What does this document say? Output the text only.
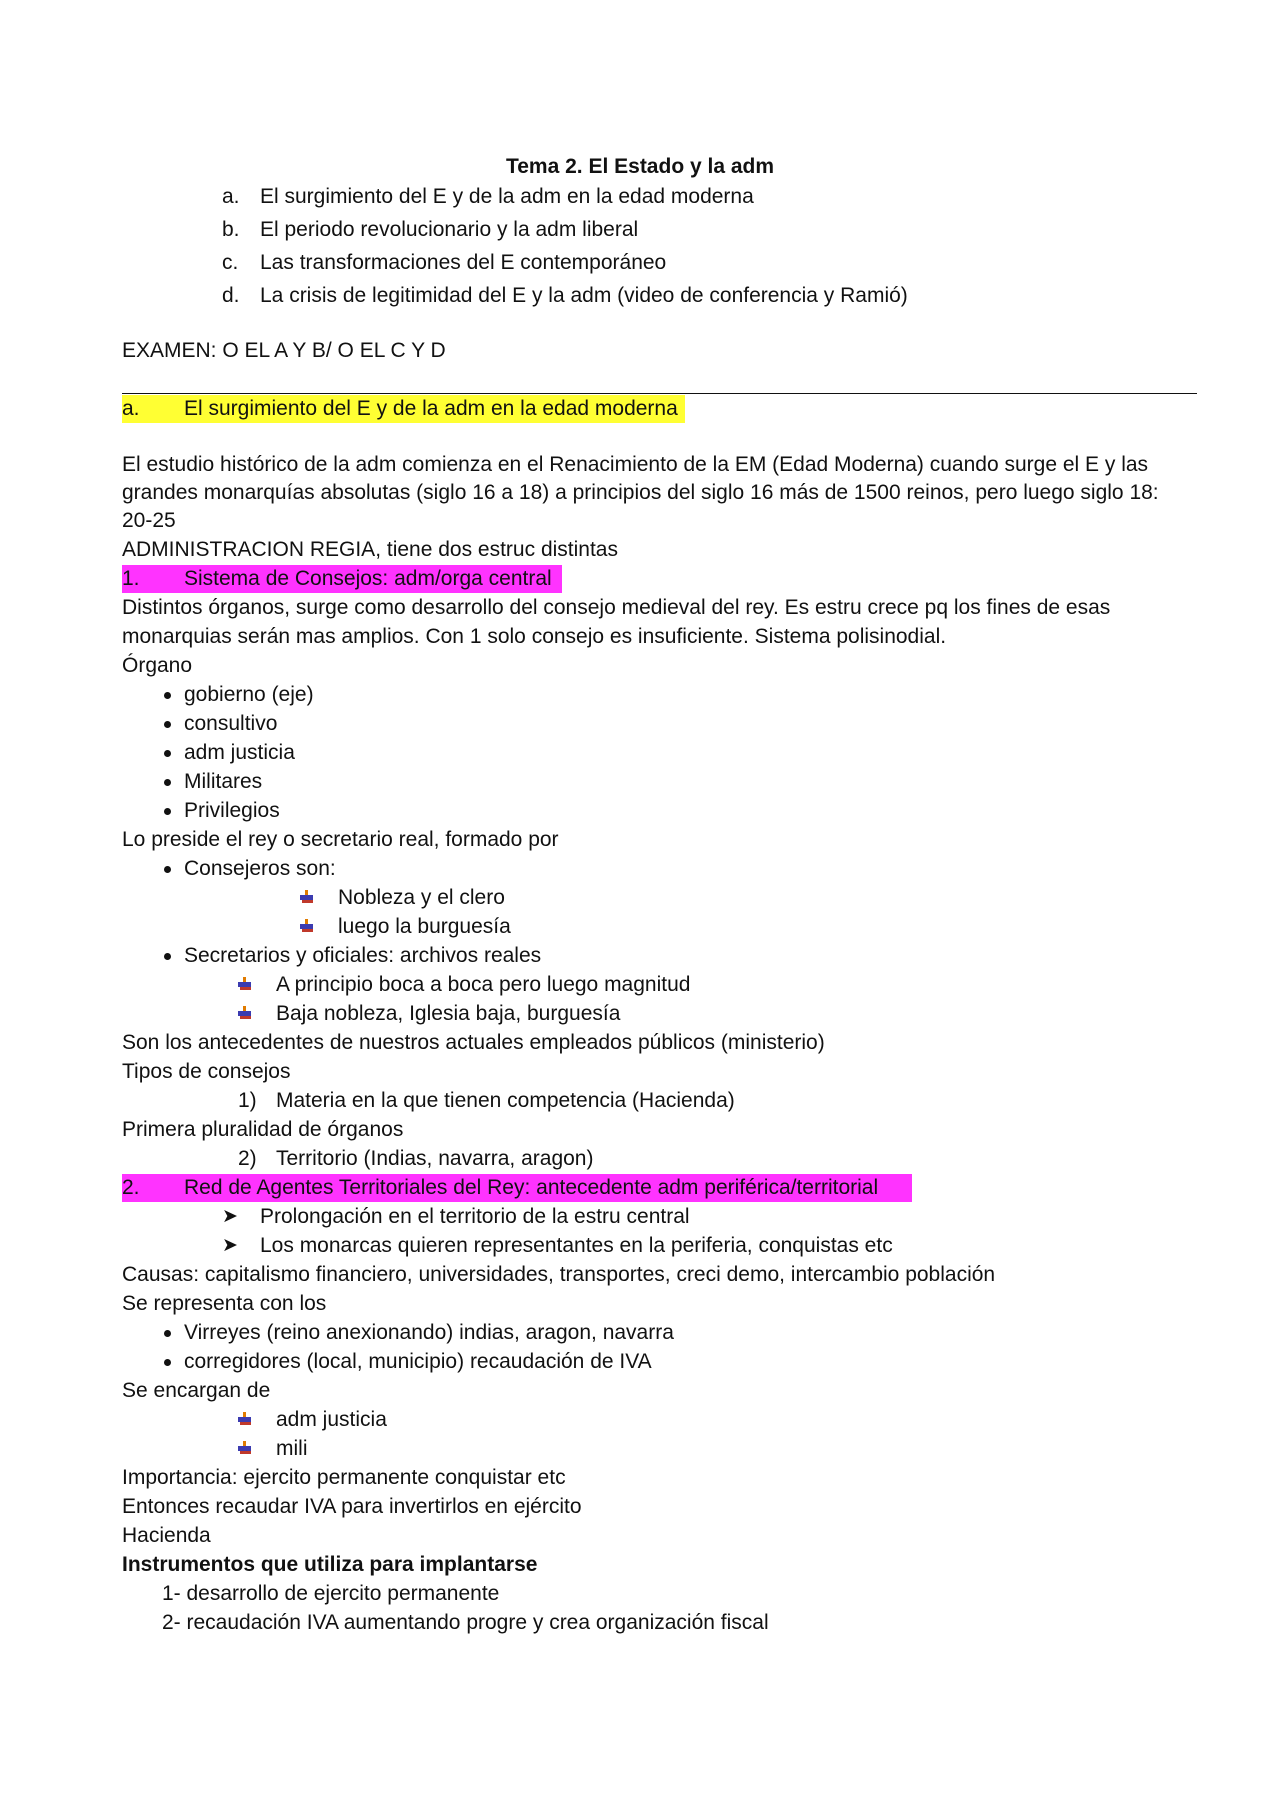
Tema 2. El Estado y la adm
a. El surgimiento del E y de la adm en la edad moderna
b. El periodo revolucionario y la adm liberal
c. Las transformaciones del E contemporáneo
d. La crisis de legitimidad del E y la adm (video de conferencia y Ramió)
EXAMEN: O EL A Y B/ O EL C Y D
a. El surgimiento del E y de la adm en la edad moderna
El estudio histórico de la adm comienza en el Renacimiento de la EM (Edad Moderna) cuando surge el E y las
grandes monarquías absolutas (siglo 16 a 18) a principios del siglo 16 más de 1500 reinos, pero luego siglo 18:
20-25
ADMINISTRACION REGIA, tiene dos estruc distintas
1. Sistema de Consejos: adm/orga central
Distintos órganos, surge como desarrollo del consejo medieval del rey. Es estru crece pq los fines de esas
monarquias serán mas amplios. Con 1 solo consejo es insuficiente. Sistema polisinodial.
Órgano
gobierno (eje)
consultivo
adm justicia
Militares
Privilegios
Lo preside el rey o secretario real, formado por
Consejeros son:
Nobleza y el clero
luego la burguesía
Secretarios y oficiales: archivos reales
A principio boca a boca pero luego magnitud
Baja nobleza, Iglesia baja, burguesía
Son los antecedentes de nuestros actuales empleados públicos (ministerio)
Tipos de consejos
1) Materia en la que tienen competencia (Hacienda)
Primera pluralidad de órganos
2) Territorio (Indias, navarra, aragon)
2. Red de Agentes Territoriales del Rey: antecedente adm periférica/territorial
➤ Prolongación en el territorio de la estru central
➤ Los monarcas quieren representantes en la periferia, conquistas etc
Causas: capitalismo financiero, universidades, transportes, creci demo, intercambio población
Se representa con los
Virreyes (reino anexionando) indias, aragon, navarra
corregidores (local, municipio) recaudación de IVA
Se encargan de
adm justicia
mili
Importancia: ejercito permanente conquistar etc
Entonces recaudar IVA para invertirlos en ejército
Hacienda
Instrumentos que utiliza para implantarse
1- desarrollo de ejercito permanente
2- recaudación IVA aumentando progre y crea organización fiscal
